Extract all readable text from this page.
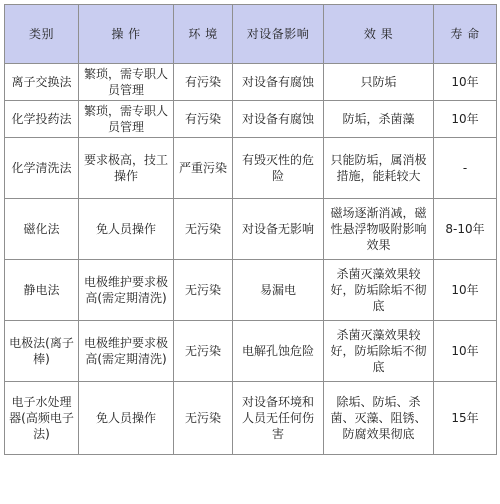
类别	操 作	环 境	对设备影响	效 果	寿 命
离子交换法	繁琐，需专职人员管理	有污染	对设备有腐蚀	只防垢	10年
化学投药法	繁琐，需专职人员管理	有污染	对设备有腐蚀	防垢，杀菌藻	10年
化学清洗法	要求极高，技工操作	严重污染	有毁灭性的危险	只能防垢，属消极措施，能耗较大	-
磁化法	免人员操作	无污染	对设备无影响	磁场逐渐消减，磁性悬浮物吸附影响效果	8-10年
静电法	电极维护要求极高(需定期清洗)	无污染	易漏电	杀菌灭藻效果较好，防垢除垢不彻底	10年
电极法(离子棒)	电极维护要求极高(需定期清洗)	无污染	电解孔蚀危险	杀菌灭藻效果较好，防垢除垢不彻底	10年
电子水处理器(高频电子法)	免人员操作	无污染	对设备环境和人员无任何伤害	除垢、防垢、杀菌、灭藻、阻锈、防腐效果彻底	15年
